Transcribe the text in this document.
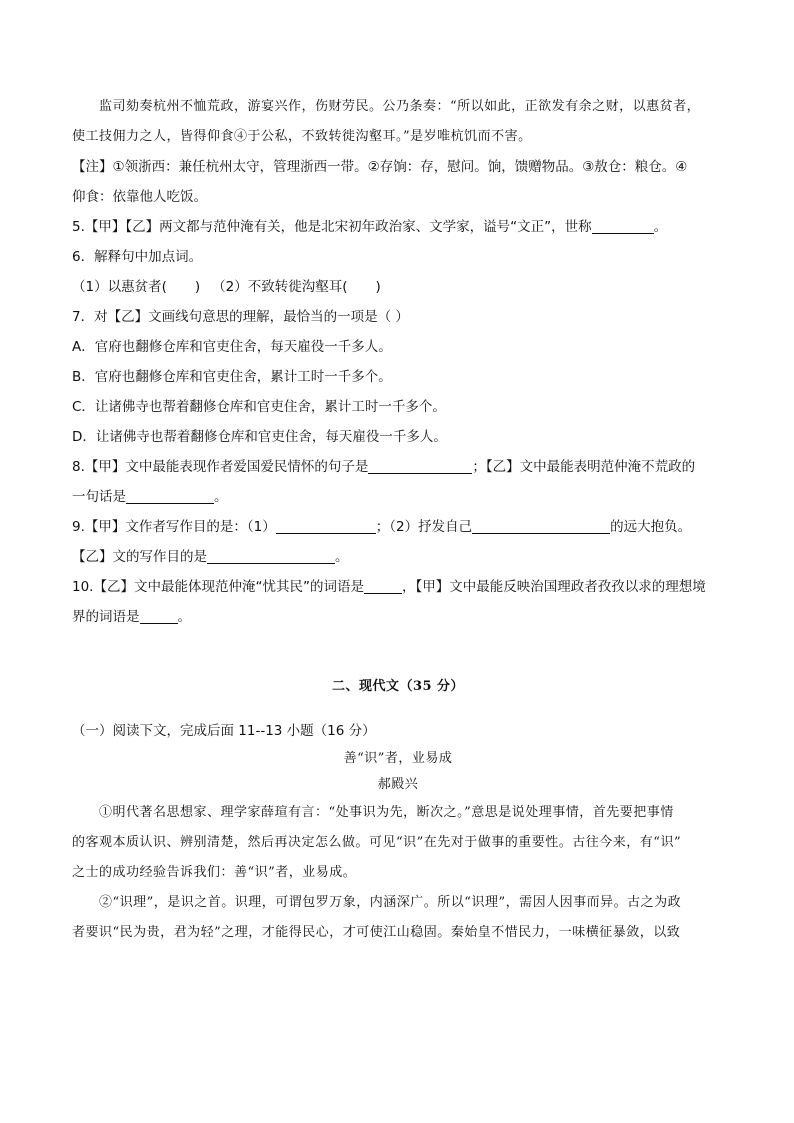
监司劾奏杭州不恤荒政，游宴兴作，伤财劳民。公乃条奏：“所以如此，正欲发有余之财，以惠贫者，
使工技佣力之人，皆得仰食④于公私，不致转徙沟壑耳。”是岁唯杭饥而不害。
【注】①领浙西：兼任杭州太守，管理浙西一带。②存饷：存，慰问。饷，馈赠物品。③敖仓：粮仓。④
仰食：依靠他人吃饭。
5.【甲】【乙】两文都与范仲淹有关，他是北宋初年政治家、文学家，谥号“文正”，世称	。
6．解释句中加点词。
（1）以惠贫者( ) （2）不致转徙沟壑耳( )
7．对【乙】文画线句意思的理解，最恰当的一项是（ ）
A．官府也翻修仓库和官吏住舍，每天雇役一千多人。
B．官府也翻修仓库和官吏住舍，累计工时一千多个。
C．让诸佛寺也帮着翻修仓库和官吏住舍，累计工时一千多个。
D．让诸佛寺也帮着翻修仓库和官吏住舍，每天雇役一千多人。
8.【甲】文中最能表现作者爱国爱民情怀的句子是	；【乙】文中最能表明范仲淹不荒政的
一句话是	。
9.【甲】文作者写作目的是：（1）	；（2）抒发自己	的远大抱负。
【乙】文的写作目的是	。
10.【乙】文中最能体现范仲淹“忧其民”的词语是	，【甲】文中最能反映治国理政者孜孜以求的理想境
界的词语是	。
二、现代文（35 分）
（一）阅读下文，完成后面 11--13 小题（16 分）
善“识”者，业易成
郝殿兴
①明代著名思想家、理学家薛瑄有言：“处事识为先，断次之。”意思是说处理事情，首先要把事情
的客观本质认识、辨别清楚，然后再决定怎么做。可见“识”在先对于做事的重要性。古往今来，有“识”
之士的成功经验告诉我们：善“识”者，业易成。
②“识理”，是识之首。识理，可谓包罗万象，内涵深广。所以“识理”，需因人因事而异。古之为政
者要识“民为贵，君为轻”之理，才能得民心，才可使江山稳固。秦始皇不惜民力，一味横征暴敛，以致
